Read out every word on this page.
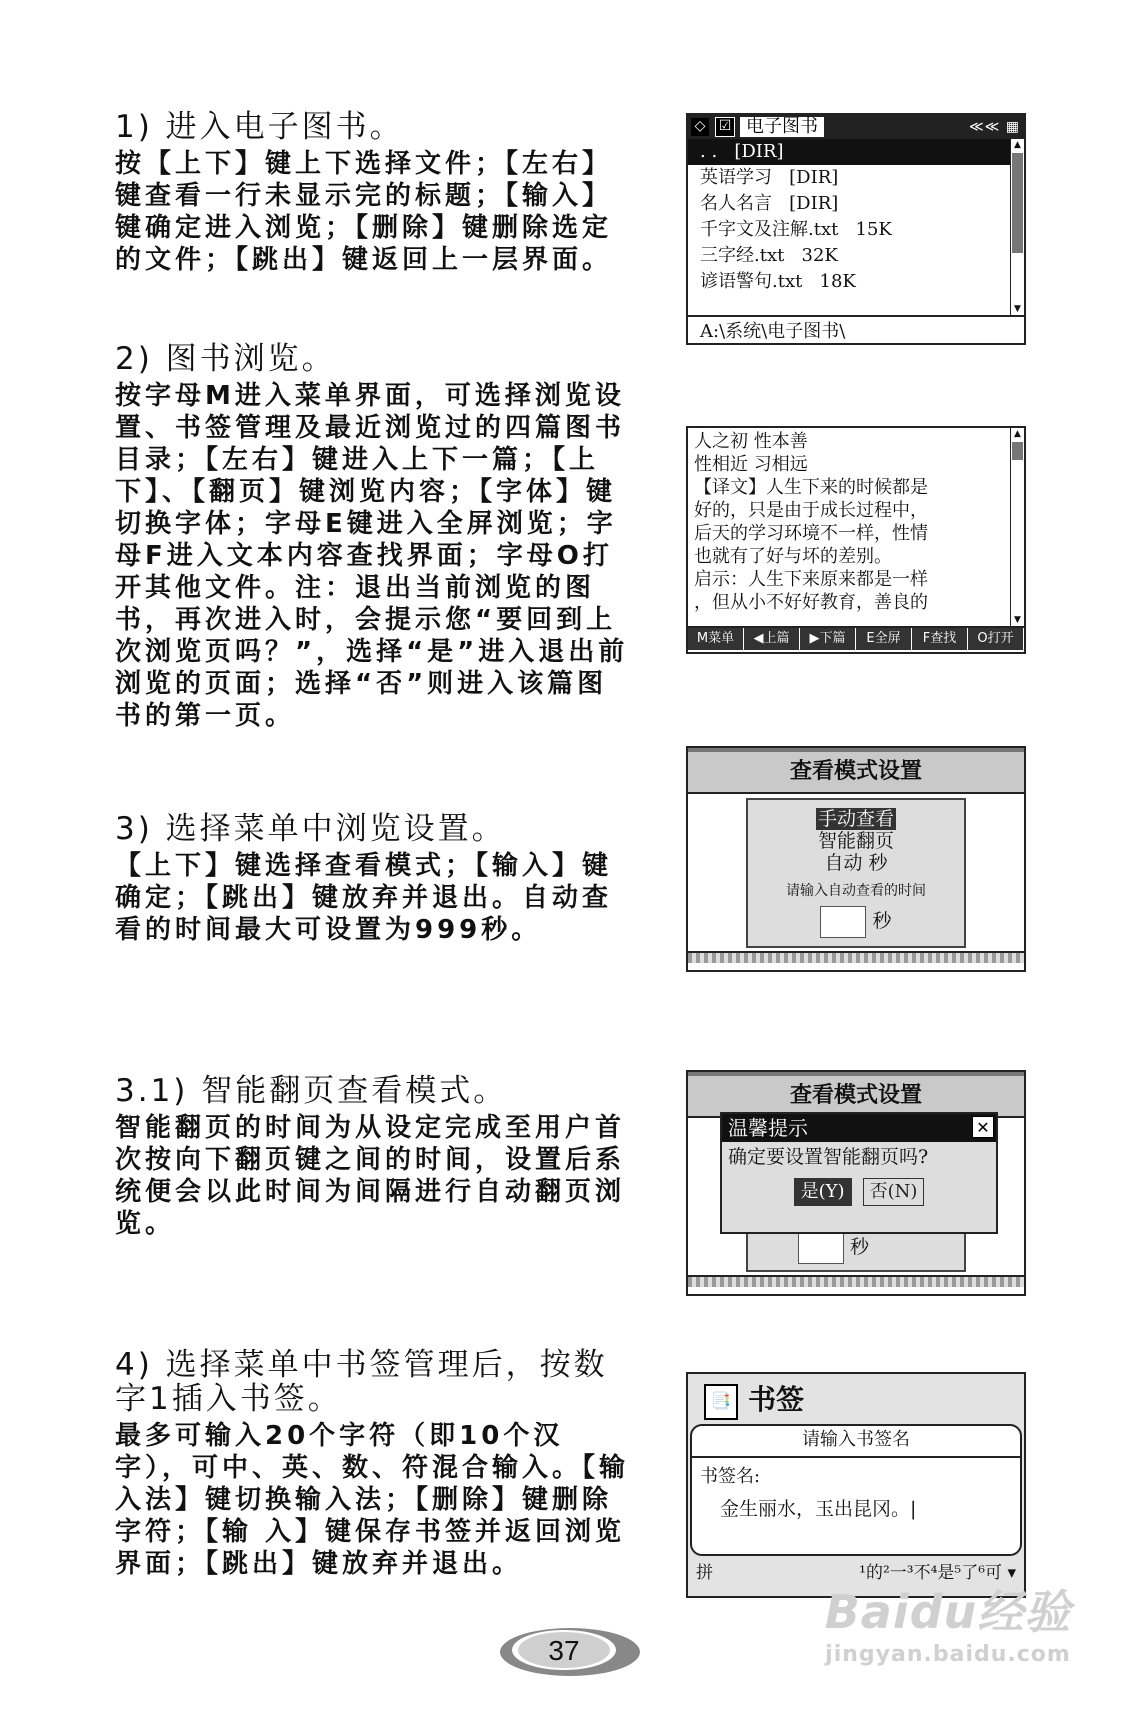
1) 进入电子图书。
按【上下】键上下选择文件；【左右】键查看一行未显示完的标题；【输入】键确定进入浏览；【删除】键删除选定的文件；【跳出】键返回上一层界面。
2) 图书浏览。
按字母M进入菜单界面，可选择浏览设置、书签管理及最近浏览过的四篇图书目录；【左右】键进入上下一篇；【上下】、【翻页】键浏览内容；【字体】键切换字体；字母E键进入全屏浏览；字母F进入文本内容查找界面；字母O打开其他文件。注：退出当前浏览的图书，再次进入时，会提示您“要回到上次浏览页吗？”，选择“是”进入退出前浏览的页面；选择“否”则进入该篇图书的第一页。
3) 选择菜单中浏览设置。
【上下】键选择查看模式；【输入】键确定；【跳出】键放弃并退出。自动查看的时间最大可设置为999秒。
3.1) 智能翻页查看模式。
智能翻页的时间为从设定完成至用户首次按向下翻页键之间的时间，设置后系统便会以此时间为间隔进行自动翻页浏览。
4) 选择菜单中书签管理后，按数字1插入书签。
最多可输入20个字符（即10个汉字），可中、英、数、符混合输入。【输入法】键切换输入法；【删除】键删除字符；【输 入】键保存书签并返回浏览界面；【跳出】键放弃并退出。
◇ ☑ 电子图书	≪≪ ▦
. .   [DIR]
英语学习   [DIR]
名人名言   [DIR]
千字文及注解.txt   15K
三字经.txt   32K
谚语警句.txt   18K
▲
▼
A:\系统\电子图书\
人之初 性本善
性相近 习相远
【译文】人生下来的时候都是
好的，只是由于成长过程中，
后天的学习环境不一样，性情
也就有了好与坏的差别。
启示：人生下来原来都是一样
，但从小不好好教育，善良的
▲
▼
M菜单	◀上篇	▶下篇	E全屏	F查找	O打开
查看模式设置
手动查看
智能翻页
自动 秒
请输入自动查看的时间
秒
查看模式设置
秒
温馨提示	✕
确定要设置智能翻页吗?
是(Y) 否(N)
📑 书签
请输入书签名
书签名:
金生丽水，玉出昆冈。|
拼	¹的²一³不⁴是⁵了⁶可 ▾
37
Baidu经验
jingyan.baidu.com
